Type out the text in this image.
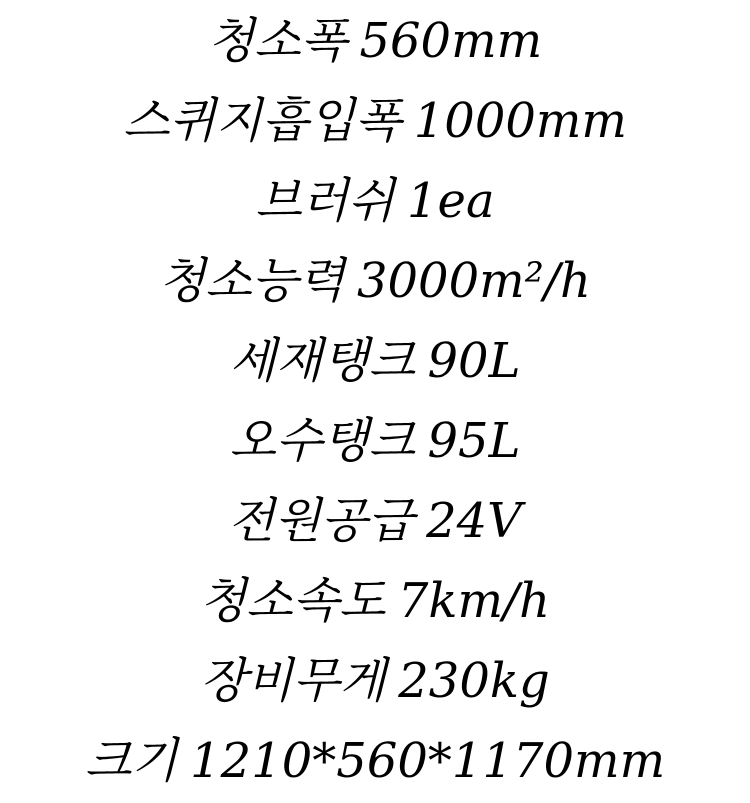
청소폭 560mm
스퀴지흡입폭 1000mm
브러쉬 1ea
청소능력 3000m²/h
세재탱크 90L
오수탱크 95L
전원공급 24V
청소속도 7km/h
장비무게 230kg
크기 1210*560*1170mm
